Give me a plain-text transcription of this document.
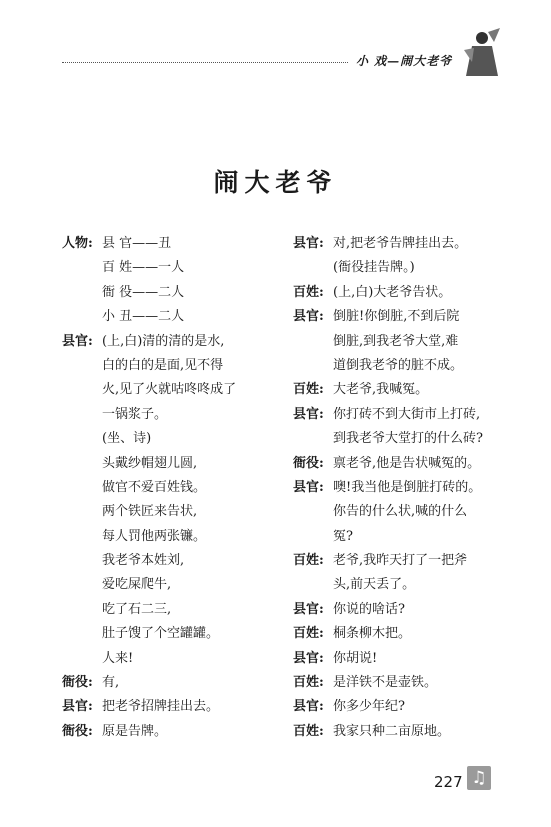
小 戏—闹大老爷
闹大老爷
人物: 县 官——丑
百 姓——一人
衙 役——二人
小 丑——二人
县官: (上,白)清的清的是水,
白的白的是面,见不得
火,见了火就咕咚咚成了
一锅浆子。
(坐、诗)
头戴纱帽翅儿圆,
做官不爱百姓钱。
两个铁匠来告状,
每人罚他两张镰。
我老爷本姓刘,
爱吃屎爬牛,
吃了石二三,
肚子馊了个空罐罐。
人来!
衙役: 有,
县官: 把老爷招牌挂出去。
衙役: 原是告牌。
县官: 对,把老爷告牌挂出去。
(衙役挂告牌。)
百姓: (上,白)大老爷告状。
县官: 倒脏!你倒脏,不到后院
倒脏,到我老爷大堂,难
道倒我老爷的脏不成。
百姓: 大老爷,我喊冤。
县官: 你打砖不到大街市上打砖,
到我老爷大堂打的什么砖?
衙役: 禀老爷,他是告状喊冤的。
县官: 噢!我当他是倒脏打砖的。
你告的什么状,喊的什么
冤?
百姓: 老爷,我昨天打了一把斧
头,前天丢了。
县官: 你说的啥话?
百姓: 桐条柳木把。
县官: 你胡说!
百姓: 是洋铁不是壶铁。
县官: 你多少年纪?
百姓: 我家只种二亩原地。
227 ♫
